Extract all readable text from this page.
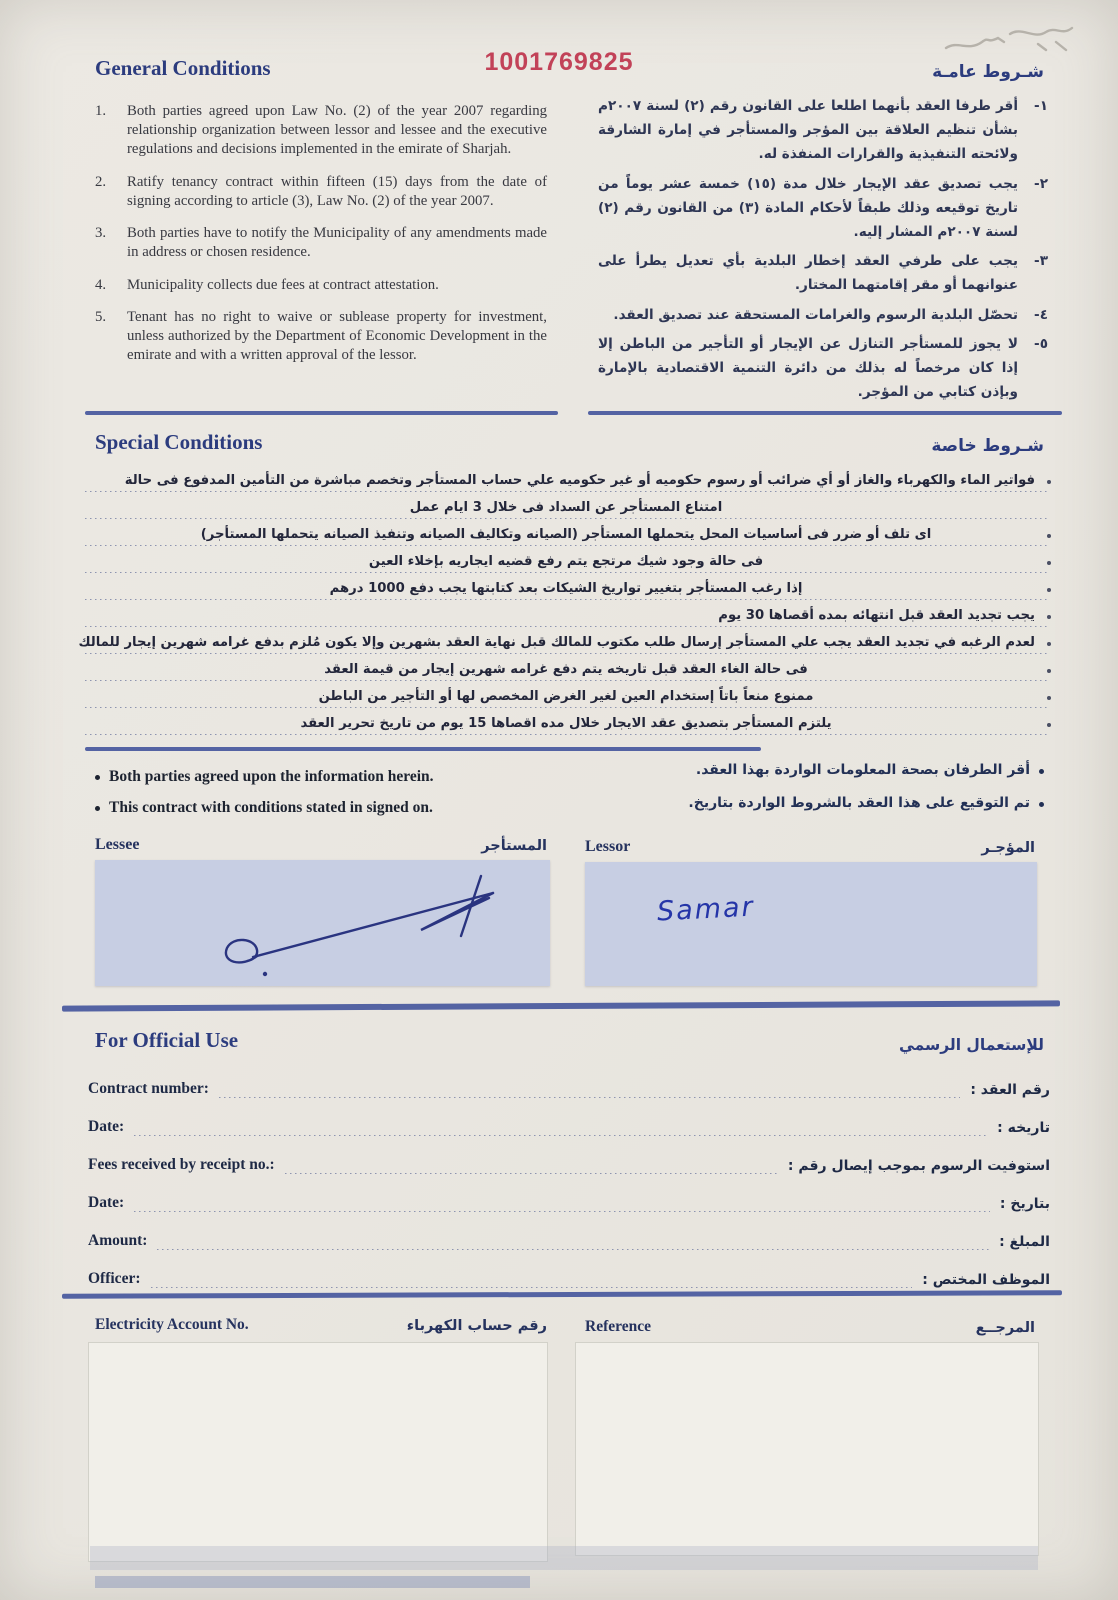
General Conditions	1001769825	شـروط عامـة
1.	Both parties agreed upon Law No. (2) of the year 2007 regarding relationship organization between lessor and lessee and the executive regulations and decisions implemented in the emirate of Sharjah.
2.	Ratify tenancy contract within fifteen (15) days from the date of signing according to article (3), Law No. (2) of the year 2007.
3.	Both parties have to notify the Municipality of any amendments made in address or chosen residence.
4.	Municipality collects due fees at contract attestation.
5.	Tenant has no right to waive or sublease property for investment, unless authorized by the Department of Economic Development in the emirate and with a written approval of the lessor.
١-
أقر طرفا العقد بأنهما اطلعا على القانون رقم (٢) لسنة ٢٠٠٧م بشأن تنظيم العلاقة بين المؤجر والمستأجر في إمارة الشارقة ولائحته التنفيذية والقرارات المنفذة له.
٢-
يجب تصديق عقد الإيجار خلال مدة (١٥) خمسة عشر يوماً من تاريخ توقيعه وذلك طبقاً لأحكام المادة (٣) من القانون رقم (٢) لسنة ٢٠٠٧م المشار إليه.
٣-
يجب على طرفي العقد إخطار البلدية بأي تعديل يطرأ على عنوانهما أو مقر إقامتهما المختار.
٤-
تحصّل البلدية الرسوم والغرامات المستحقة عند تصديق العقد.
٥-
لا يجوز للمستأجر التنازل عن الإيجار أو التأجير من الباطن إلا إذا كان مرخصاً له بذلك من دائرة التنمية الاقتصادية بالإمارة وبإذن كتابي من المؤجر.
Special Conditions	شـروط خاصة
فواتير الماء والكهرباء والغاز أو أي ضرائب أو رسوم حكوميه أو غير حكوميه علي حساب المستأجر وتخصم مباشرة من التأمين المدفوع فى حالة
امتناع المستأجر عن السداد فى خلال 3 ايام عمل
اى تلف أو ضرر فى أساسيات المحل يتحملها المستأجر (الصيانه وتكاليف الصيانه وتنفيذ الصيانه يتحملها المستأجر)
فى حالة وجود شيك مرتجع يتم رفع قضيه ايجاريه بإخلاء العين
إذا رغب المستأجر بتغيير تواريخ الشيكات بعد كتابتها يجب دفع 1000 درهم
يجب تجديد العقد قبل انتهائه بمده أقصاها 30 يوم
لعدم الرغبه في تجديد العقد يجب علي المستأجر إرسال طلب مكتوب للمالك قبل نهاية العقد بشهرين وإلا يكون مُلزم بدفع غرامه شهرين إيجار للمالك
فى حالة الغاء العقد قبل تاريخه يتم دفع غرامه شهرين إيجار من قيمة العقد
ممنوع منعاً باتاً إستخدام العين لغير الغرض المخصص لها أو التأجير من الباطن
يلتزم المستأجر بتصديق عقد الايجار خلال مده اقصاها 15 يوم من تاريخ تحرير العقد
Both parties agreed upon the information herein.
This contract with conditions stated in signed on.
أقر الطرفان بصحة المعلومات الواردة بهذا العقد.
تم التوقيع على هذا العقد بالشروط الواردة بتاريخ.
Lessee	المستأجر Lessor	المؤجـر
Samar
For Official Use	للإستعمال الرسمي
Contract number:	رقم العقد :
Date:	تاريخه :
Fees received by receipt no.:	استوفيت الرسوم بموجب إيصال رقم :
Date:	بتاريخ :
Amount:	المبلغ :
Officer:	الموظف المختص :
Electricity Account No.	رقم حساب الكهرباء Reference	المرجــع
